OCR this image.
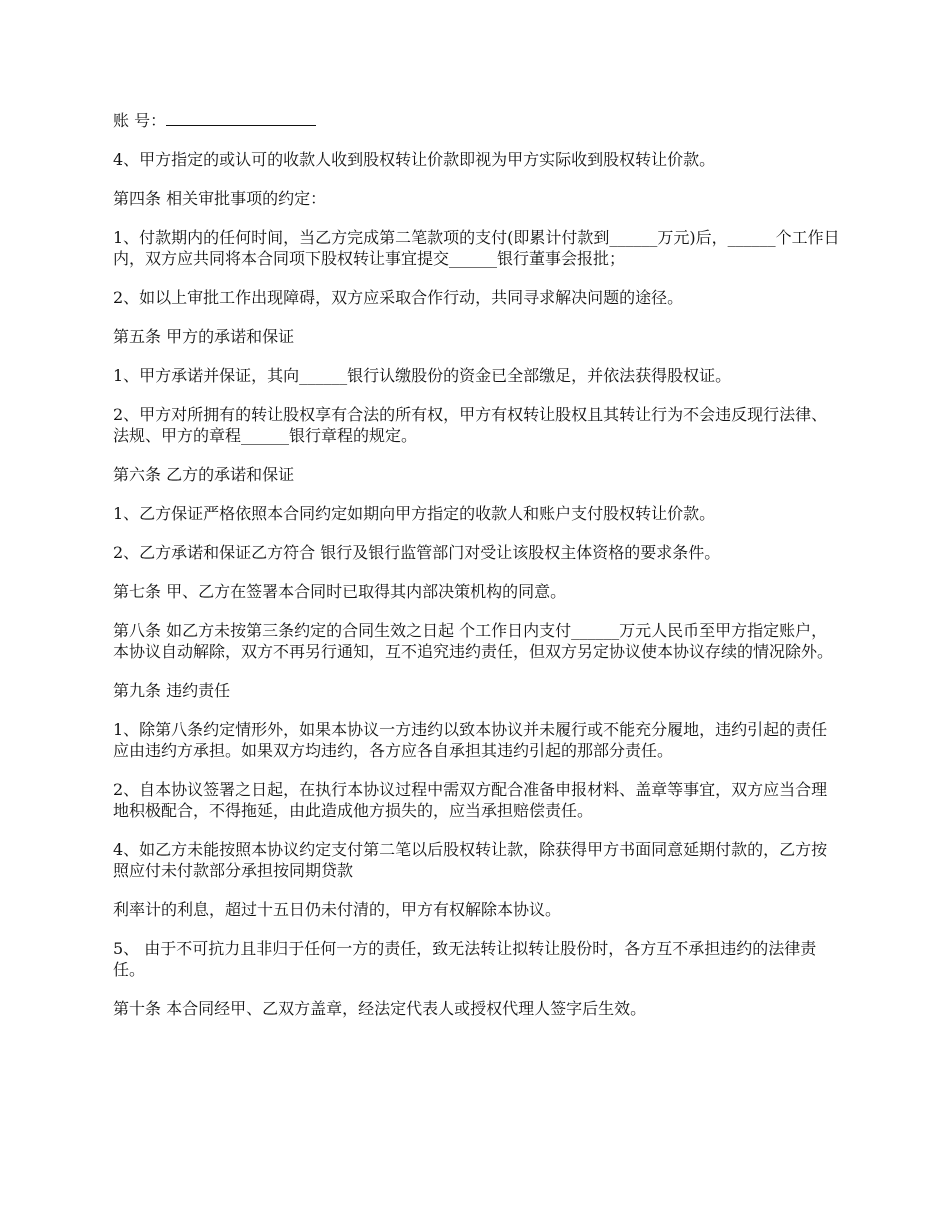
账 号：

4、甲方指定的或认可的收款人收到股权转让价款即视为甲方实际收到股权转让价款。

第四条 相关审批事项的约定：

1、付款期内的任何时间，当乙方完成第二笔款项的支付(即累计付款到______万元)后，______个工作日内，双方应共同将本合同项下股权转让事宜提交______银行董事会报批；

2、如以上审批工作出现障碍，双方应采取合作行动，共同寻求解决问题的途径。

第五条 甲方的承诺和保证

1、甲方承诺并保证，其向______银行认缴股份的资金已全部缴足，并依法获得股权证。

2、甲方对所拥有的转让股权享有合法的所有权，甲方有权转让股权且其转让行为不会违反现行法律、法规、甲方的章程______银行章程的规定。

第六条 乙方的承诺和保证

1、乙方保证严格依照本合同约定如期向甲方指定的收款人和账户支付股权转让价款。

2、乙方承诺和保证乙方符合 银行及银行监管部门对受让该股权主体资格的要求条件。

第七条 甲、乙方在签署本合同时已取得其内部决策机构的同意。

第八条 如乙方未按第三条约定的合同生效之日起 个工作日内支付______万元人民币至甲方指定账户，本协议自动解除，双方不再另行通知，互不追究违约责任，但双方另定协议使本协议存续的情况除外。

第九条 违约责任

1、除第八条约定情形外，如果本协议一方违约以致本协议并未履行或不能充分履地，违约引起的责任应由违约方承担。如果双方均违约，各方应各自承担其违约引起的那部分责任。

2、自本协议签署之日起，在执行本协议过程中需双方配合准备申报材料、盖章等事宜，双方应当合理地积极配合，不得拖延，由此造成他方损失的，应当承担赔偿责任。

4、如乙方未能按照本协议约定支付第二笔以后股权转让款，除获得甲方书面同意延期付款的，乙方按照应付未付款部分承担按同期贷款

利率计的利息，超过十五日仍未付清的，甲方有权解除本协议。

5、 由于不可抗力且非归于任何一方的责任，致无法转让拟转让股份时，各方互不承担违约的法律责任。

第十条 本合同经甲、乙双方盖章，经法定代表人或授权代理人签字后生效。
